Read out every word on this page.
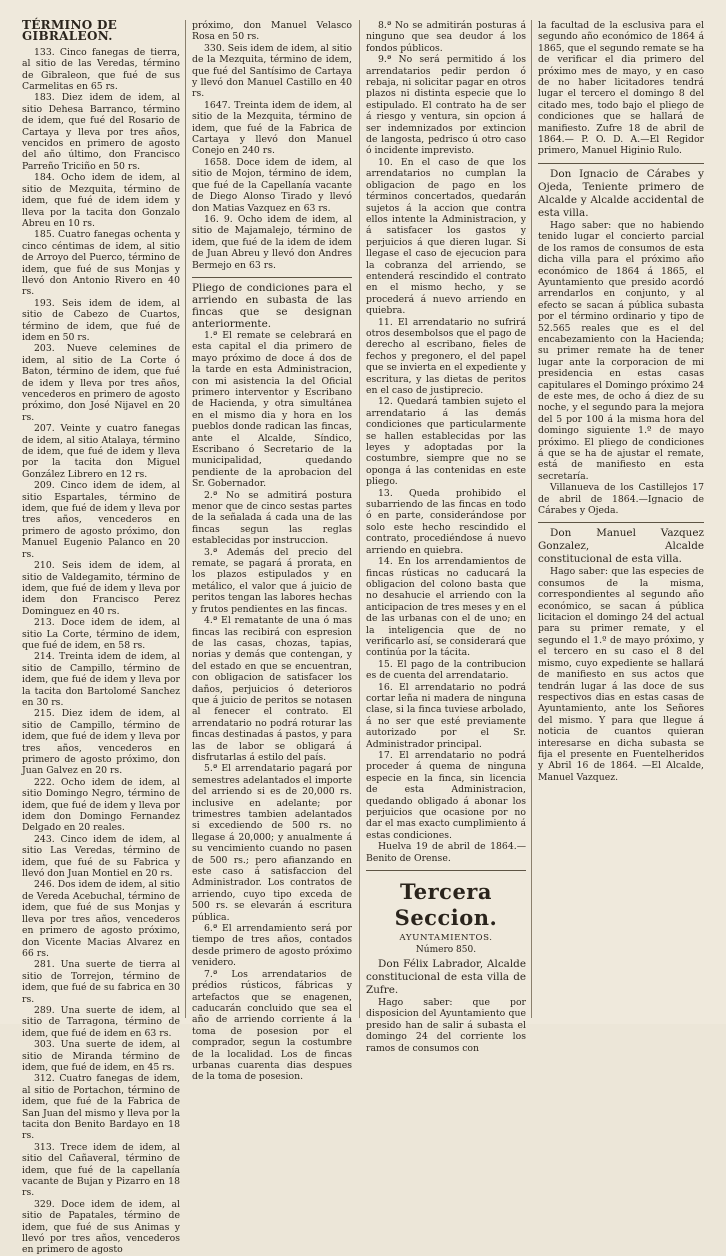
TÉRMINO DE GIBRALEON.

133. Cinco fanegas de tierra, al sitio de las Veredas, término de Gibraleon, que fué de sus Carmelitas en 65 rs.

183. Diez idem de idem, al sitio Dehesa Barranco, término de idem, que fué del Rosario de Cartaya y lleva por tres años, vencidos en primero de agosto del año último, don Francisco Parreño Triciño en 50 rs.

184. Ocho idem de idem, al sitio de Mezquita, término de idem, que fué de idem idem y lleva por la tacita don Gonzalo Abreu en 10 rs.

185. Cuatro fanegas ochenta y cinco céntimas de idem, al sitio de Arroyo del Puerco, término de idem, que fué de sus Monjas y llevó don Antonio Rivero en 40 rs.

193. Seis idem de idem, al sitio de Cabezo de Cuartos, término de idem, que fué de idem en 50 rs.

203. Nueve celemines de idem, al sitio de La Corte ó Baton, término de idem, que fué de idem y lleva por tres años, vencederos en primero de agosto próximo, don José Nijavel en 20 rs.

207. Veinte y cuatro fanegas de idem, al sitio Atalaya, término de idem, que fué de idem y lleva por la tacita don Miguel González Librero en 12 rs.

209. Cinco idem de idem, al sitio Espartales, término de idem, que fué de idem y lleva por tres años, vencederos en primero de agosto próximo, don Manuel Eugenio Palanco en 20 rs.

210. Seis idem de idem, al sitio de Valdegamito, término de idem, que fué de idem y lleva por idem don Francisco Perez Dominguez en 40 rs.

213. Doce idem de idem, al sitio La Corte, término de idem, que fué de idem, en 58 rs.

214. Treinta idem de idem, al sitio de Campillo, término de idem, que fué de idem y lleva por la tacita don Bartolomé Sanchez en 30 rs.

215. Diez idem de idem, al sitio de Campillo, término de idem, que fué de idem y lleva por tres años, vencederos en primero de agosto próximo, don Juan Galvez en 20 rs.

222. Ocho idem de idem, al sitio Domingo Negro, término de idem, que fué de idem y lleva por idem don Domingo Fernandez Delgado en 20 reales.

243. Cinco idem de idem, al sitio Las Veredas, término de idem, que fué de su Fabrica y llevó don Juan Montiel en 20 rs.

246. Dos idem de idem, al sitio de Vereda Acebuchal, término de idem, que fué de sus Monjas y lleva por tres años, vencederos en primero de agosto próximo, don Vicente Macias Alvarez en 66 rs.

281. Una suerte de tierra al sitio de Torrejon, término de idem, que fué de su fabrica en 30 rs.

289. Una suerte de idem, al sitio de Tarragona, término de idem, que fué de idem en 63 rs.

303. Una suerte de idem, al sitio de Miranda término de idem, que fué de idem, en 45 rs.

312. Cuatro fanegas de idem, al sitio de Portachon, término de idem, que fué de la Fabrica de San Juan del mismo y lleva por la tacita don Benito Bardayo en 18 rs.

313. Trece idem de idem, al sitio del Cañaveral, término de idem, que fué de la capellanía vacante de Bujan y Pizarro en 18 rs.

329. Doce idem de idem, al sitio de Papatales, término de idem, que fué de sus Animas y llevó por tres años, vencederos en primero de agosto

próximo, don Manuel Velasco Rosa en 50 rs.

330. Seis idem de idem, al sitio de la Mezquita, término de idem, que fué del Santísimo de Cartaya y llevó don Manuel Castillo en 40 rs.

1647. Treinta idem de idem, al sitio de la Mezquita, término de idem, que fué de la Fabrica de Cartaya y llevó don Manuel Conejo en 240 rs.

1658. Doce idem de idem, al sitio de Mojon, término de idem, que fué de la Capellanía vacante de Diego Alonso Tirado y llevó don Matias Vazquez en 63 rs.

16. 9. Ocho idem de idem, al sitio de Majamalejo, término de idem, que fué de la idem de idem de Juan Abreu y llevó don Andres Bermejo en 63 rs.

Pliego de condiciones para el arriendo en subasta de las fincas que se designan anteriormente.

1.ª El remate se celebrará en esta capital el dia primero de mayo próximo de doce á dos de la tarde en esta Administracion, con mi asistencia la del Oficial primero interventor y Escribano de Hacienda, y otra simultánea en el mismo dia y hora en los pueblos donde radican las fincas, ante el Alcalde, Síndico, Escribano ó Secretario de la municipalidad, quedando pendiente de la aprobacion del Sr. Gobernador.

2.ª No se admitirá postura menor que de cinco sestas partes de la señalada á cada una de las fincas segun las reglas establecidas por instruccion.

3.ª Además del precio del remate, se pagará á prorata, en los plazos estipulados y en metálico, el valor que á juicio de peritos tengan las labores hechas y frutos pendientes en las fincas.

4.ª El rematante de una ó mas fincas las recibirá con espresion de las casas, chozas, tapias, norias y demás que contengan, y del estado en que se encuentran, con obligacion de satisfacer los daños, perjuicios ó deterioros que á juicio de peritos se notasen al fenecer el contrato. El arrendatario no podrá roturar las fincas destinadas á pastos, y para las de labor se obligará á disfrutarlas á estilo del país.

5.ª El arrendatario pagará por semestres adelantados el importe del arriendo si es de 20,000 rs. inclusive en adelante; por trimestres tambien adelantados si excediendo de 500 rs. no llegase á 20,000; y anualmente á su vencimiento cuando no pasen de 500 rs.; pero afianzando en este caso á satisfaccion del Administrador. Los contratos de arriendo, cuyo tipo exceda de 500 rs. se elevarán á escritura pública.

6.ª El arrendamiento será por tiempo de tres años, contados desde primero de agosto próximo venidero.

7.ª Los arrendatarios de prédios rústicos, fábricas y artefactos que se enagenen, caducarán concluido que sea el año de arriendo corriente á la toma de posesion por el comprador, segun la costumbre de la localidad. Los de fincas urbanas cuarenta dias despues de la toma de posesion.

8.ª No se admitirán posturas á ninguno que sea deudor á los fondos públicos.

9.ª No será permitido á los arrendatarios pedir perdon ó rebaja, ni solicitar pagar en otros plazos ni distinta especie que lo estipulado. El contrato ha de ser á riesgo y ventura, sin opcion á ser indemnizados por extincion de langosta, pedrisco ú otro caso ó incidente imprevisto.

10. En el caso de que los arrendatarios no cumplan la obligacion de pago en los términos concertados, quedarán sujetos á la accion que contra ellos intente la Administracion, y á satisfacer los gastos y perjuicios á que dieren lugar. Si llegase el caso de ejecucion para la cobranza del arriendo, se entenderá rescindido el contrato en el mismo hecho, y se procederá á nuevo arriendo en quiebra.

11. El arrendatario no sufrirá otros desembolsos que el pago de derecho al escribano, fieles de fechos y pregonero, el del papel que se invierta en el expediente y escritura, y las dietas de peritos en el caso de justiprecio.

12. Quedará tambien sujeto el arrendatario á las demás condiciones que particularmente se hallen establecidas por las leyes y adoptadas por la costumbre, siempre que no se oponga á las contenidas en este pliego.

13. Queda prohibido el subarriendo de las fincas en todo ó en parte, considerándose por solo este hecho rescindido el contrato, procediéndose á nuevo arriendo en quiebra.

14. En los arrendamientos de fincas rústicas no caducará la obligacion del colono basta que no desahucie el arriendo con la anticipacion de tres meses y en el de las urbanas con el de uno; en la inteligencia que de no verificarlo así, se considerará que continúa por la tácita.

15. El pago de la contribucion es de cuenta del arrendatario.

16. El arrendatario no podrá cortar leña ni madera de ninguna clase, si la finca tuviese arbolado, á no ser que esté previamente autorizado por el Sr. Administrador principal.

17. El arrendatario no podrá proceder á quema de ninguna especie en la finca, sin licencia de esta Administracion, quedando obligado á abonar los perjuicios que ocasione por no dar el mas exacto cumplimiento á estas condiciones.

Huelva 19 de abril de 1864.— Benito de Orense.

Tercera Seccion.
AYUNTAMIENTOS.
Número 850.

Don Félix Labrador, Alcalde constitucional de esta villa de Zufre.

Hago saber: que por disposicion del Ayuntamiento que presido han de salir á subasta el domingo 24 del corriente los ramos de consumos con

la facultad de la esclusiva para el segundo año económico de 1864 á 1865, que el segundo remate se ha de verificar el dia primero del próximo mes de mayo, y en caso de no haber licitadores tendrá lugar el tercero el domingo 8 del citado mes, todo bajo el pliego de condiciones que se hallará de manifiesto. Zufre 18 de abril de 1864.— P. O. D. A.—El Regidor primero, Manuel Higinio Rulo.

Don Ignacio de Cárabes y Ojeda, Teniente primero de Alcalde y Alcalde accidental de esta villa.

Hago saber: que no habiendo tenido lugar el concierto parcial de los ramos de consumos de esta dicha villa para el próximo año económico de 1864 á 1865, el Ayuntamiento que presido acordó arrendarlos en conjunto, y al efecto se sacan á pública subasta por el término ordinario y tipo de 52.565 reales que es el del encabezamiento con la Hacienda; su primer remate ha de tener lugar ante la corporacion de mi presidencia en estas casas capitulares el Domingo próximo 24 de este mes, de ocho á diez de su noche, y el segundo para la mejora del 5 por 100 á la misma hora del domingo siguiente 1.º de mayo próximo. El pliego de condiciones á que se ha de ajustar el remate, está de manifiesto en esta secretaría.

Villanueva de los Castillejos 17 de abril de 1864.—Ignacio de Cárabes y Ojeda.

Don Manuel Vazquez Gonzalez, Alcalde constitucional de esta villa.

Hago saber: que las especies de consumos de la misma, correspondientes al segundo año económico, se sacan á pública licitacion el domingo 24 del actual para su primer remate, y el segundo el 1.º de mayo próximo, y el tercero en su caso el 8 del mismo, cuyo expediente se hallará de manifiesto en sus actos que tendrán lugar á las doce de sus respectivos dias en estas casas de Ayuntamiento, ante los Señores del mismo. Y para que llegue á noticia de cuantos quieran interesarse en dicha subasta se fija el presente en Fuentelheridos y Abril 16 de 1864. —El Alcalde, Manuel Vazquez.
